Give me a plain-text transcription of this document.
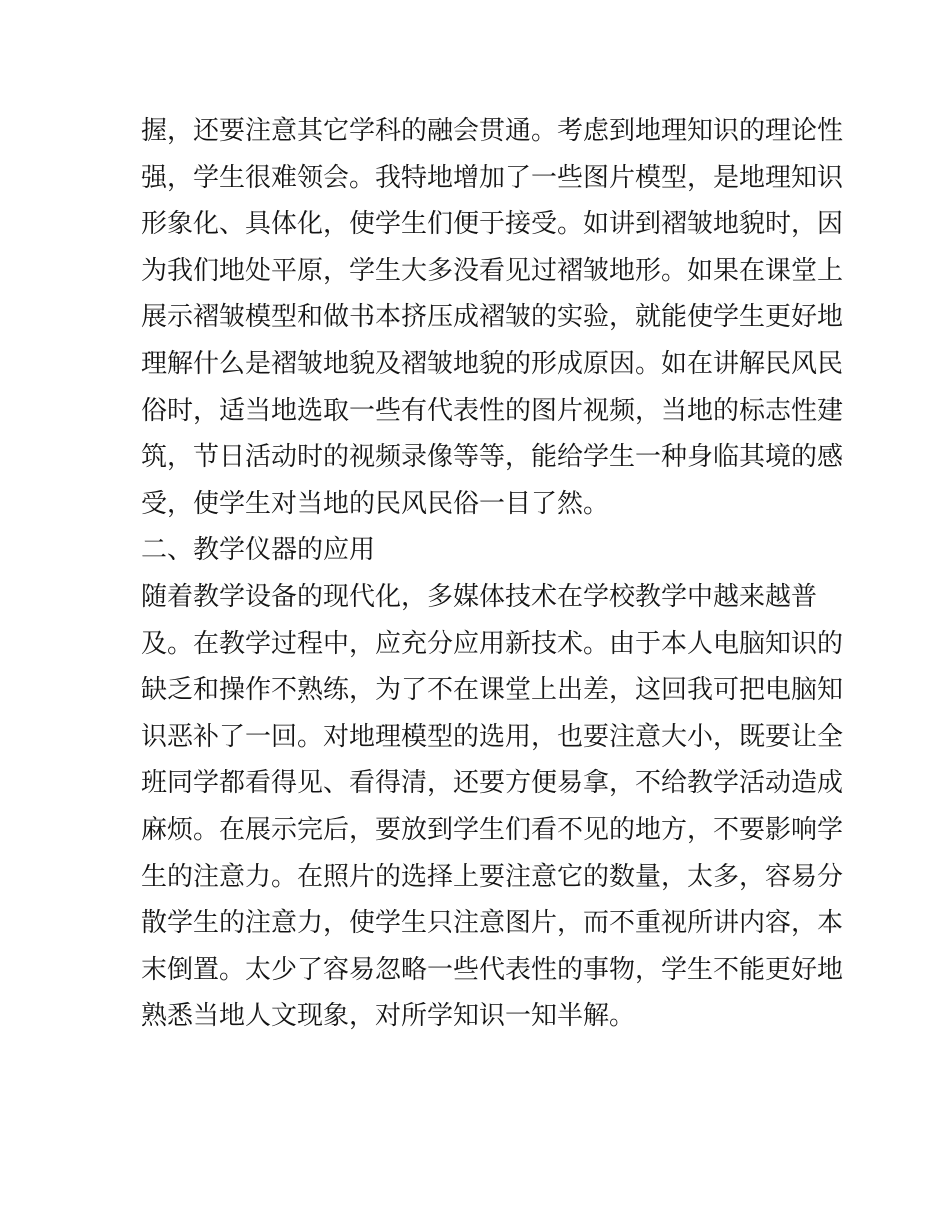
握，还要注意其它学科的融会贯通。考虑到地理知识的理论性
强，学生很难领会。我特地增加了一些图片模型，是地理知识
形象化、具体化，使学生们便于接受。如讲到褶皱地貌时，因
为我们地处平原，学生大多没看见过褶皱地形。如果在课堂上
展示褶皱模型和做书本挤压成褶皱的实验，就能使学生更好地
理解什么是褶皱地貌及褶皱地貌的形成原因。如在讲解民风民
俗时，适当地选取一些有代表性的图片视频，当地的标志性建
筑，节日活动时的视频录像等等，能给学生一种身临其境的感
受，使学生对当地的民风民俗一目了然。
二、教学仪器的应用
随着教学设备的现代化，多媒体技术在学校教学中越来越普
及。在教学过程中，应充分应用新技术。由于本人电脑知识的
缺乏和操作不熟练，为了不在课堂上出差，这回我可把电脑知
识恶补了一回。对地理模型的选用，也要注意大小，既要让全
班同学都看得见、看得清，还要方便易拿，不给教学活动造成
麻烦。在展示完后，要放到学生们看不见的地方，不要影响学
生的注意力。在照片的选择上要注意它的数量，太多，容易分
散学生的注意力，使学生只注意图片，而不重视所讲内容，本
末倒置。太少了容易忽略一些代表性的事物，学生不能更好地
熟悉当地人文现象，对所学知识一知半解。
